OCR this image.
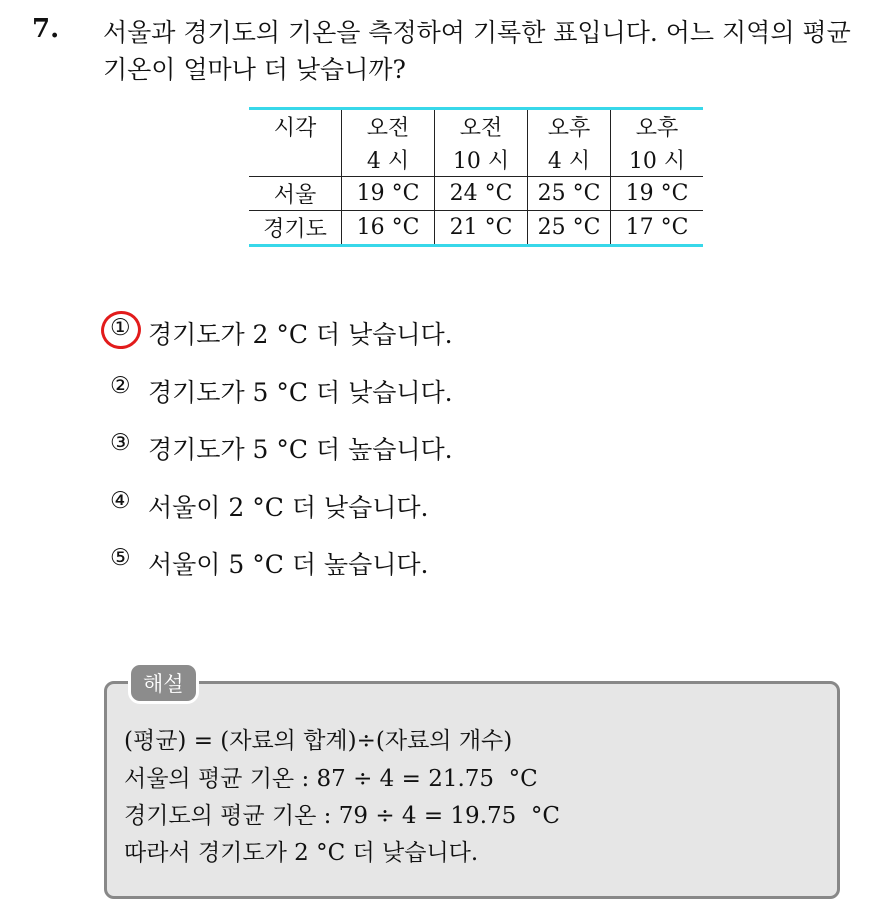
7. 서울과 경기도의 기온을 측정하여 기록한 표입니다. 어느 지역의 평균
기온이 얼마나 더 낮습니까?
시각	오전	오전	오후	오후
	4 시	10 시	4 시	10 시
서울	19 °C	24 °C	25 °C	19 °C
경기도	16 °C	21 °C	25 °C	17 °C
① 경기도가 2 °C 더 낮습니다.
② 경기도가 5 °C 더 낮습니다.
③ 경기도가 5 °C 더 높습니다.
④ 서울이 2 °C 더 낮습니다.
⑤ 서울이 5 °C 더 높습니다.
해설
(평균) = (자료의 합계)÷(자료의 개수)
서울의 평균 기온 : 87 ÷ 4 = 21.75  °C
경기도의 평균 기온 : 79 ÷ 4 = 19.75  °C
따라서 경기도가 2 °C 더 낮습니다.
